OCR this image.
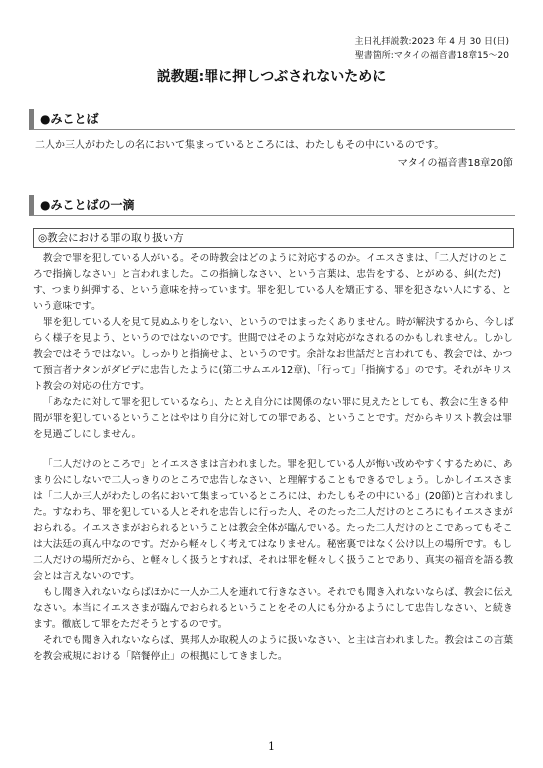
主日礼拝説教:2023 年 4 月 30 日(日)
聖書箇所:マタイの福音書18章15〜20
説教題:罪に押しつぶされないために
●みことば
二人か三人がわたしの名において集まっているところには、わたしもその中にいるのです。
マタイの福音書18章20節
●みことばの一滴
◎教会における罪の取り扱い方

教会で罪を犯している人がいる。その時教会はどのように対応するのか。イエスさまは、「二人だけのところで指摘しなさい」と言われました。この指摘しなさい、という言葉は、忠告をする、とがめる、糾(ただ)す、つまり糾弾する、という意味を持っています。罪を犯している人を矯正する、罪を犯さない人にする、という意味です。

罪を犯している人を見て見ぬふりをしない、というのではまったくありません。時が解決するから、今しばらく様子を見よう、というのではないのです。世間ではそのような対応がなされるのかもしれません。しかし教会ではそうではない。しっかりと指摘せよ、というのです。余計なお世話だと言われても、教会では、かつて預言者ナタンがダビデに忠告したように(第二サムエル12章)、「行って」「指摘する」のです。それがキリスト教会の対応の仕方です。

「あなたに対して罪を犯しているなら」、たとえ自分には関係のない罪に見えたとしても、教会に生きる仲間が罪を犯しているということはやはり自分に対しての罪である、ということです。だからキリスト教会は罪を見過ごしにしません。

「二人だけのところで」とイエスさまは言われました。罪を犯している人が悔い改めやすくするために、あまり公にしないで二人っきりのところで忠告しなさい、と理解することもできるでしょう。しかしイエスさまは「二人か三人がわたしの名において集まっているところには、わたしもその中にいる」(20節)と言われました。すなわち、罪を犯している人とそれを忠告しに行った人、そのたった二人だけのところにもイエスさまがおられる。イエスさまがおられるということは教会全体が臨んでいる。たった二人だけのとこであってもそこは大法廷の真ん中なのです。だから軽々しく考えてはなりません。秘密裏ではなく公け以上の場所です。もし二人だけの場所だから、と軽々しく扱うとすれば、それは罪を軽々しく扱うことであり、真実の福音を語る教会とは言えないのです。

もし聞き入れないならばほかに一人か二人を連れて行きなさい。それでも聞き入れないならば、教会に伝えなさい。本当にイエスさまが臨んでおられるということをその人にも分かるようにして忠告しなさい、と続きます。徹底して罪をただそうとするのです。

それでも聞き入れないならば、異邦人か取税人のように扱いなさい、と主は言われました。教会はこの言葉を教会戒規における「陪餐停止」の根拠にしてきました。

1
